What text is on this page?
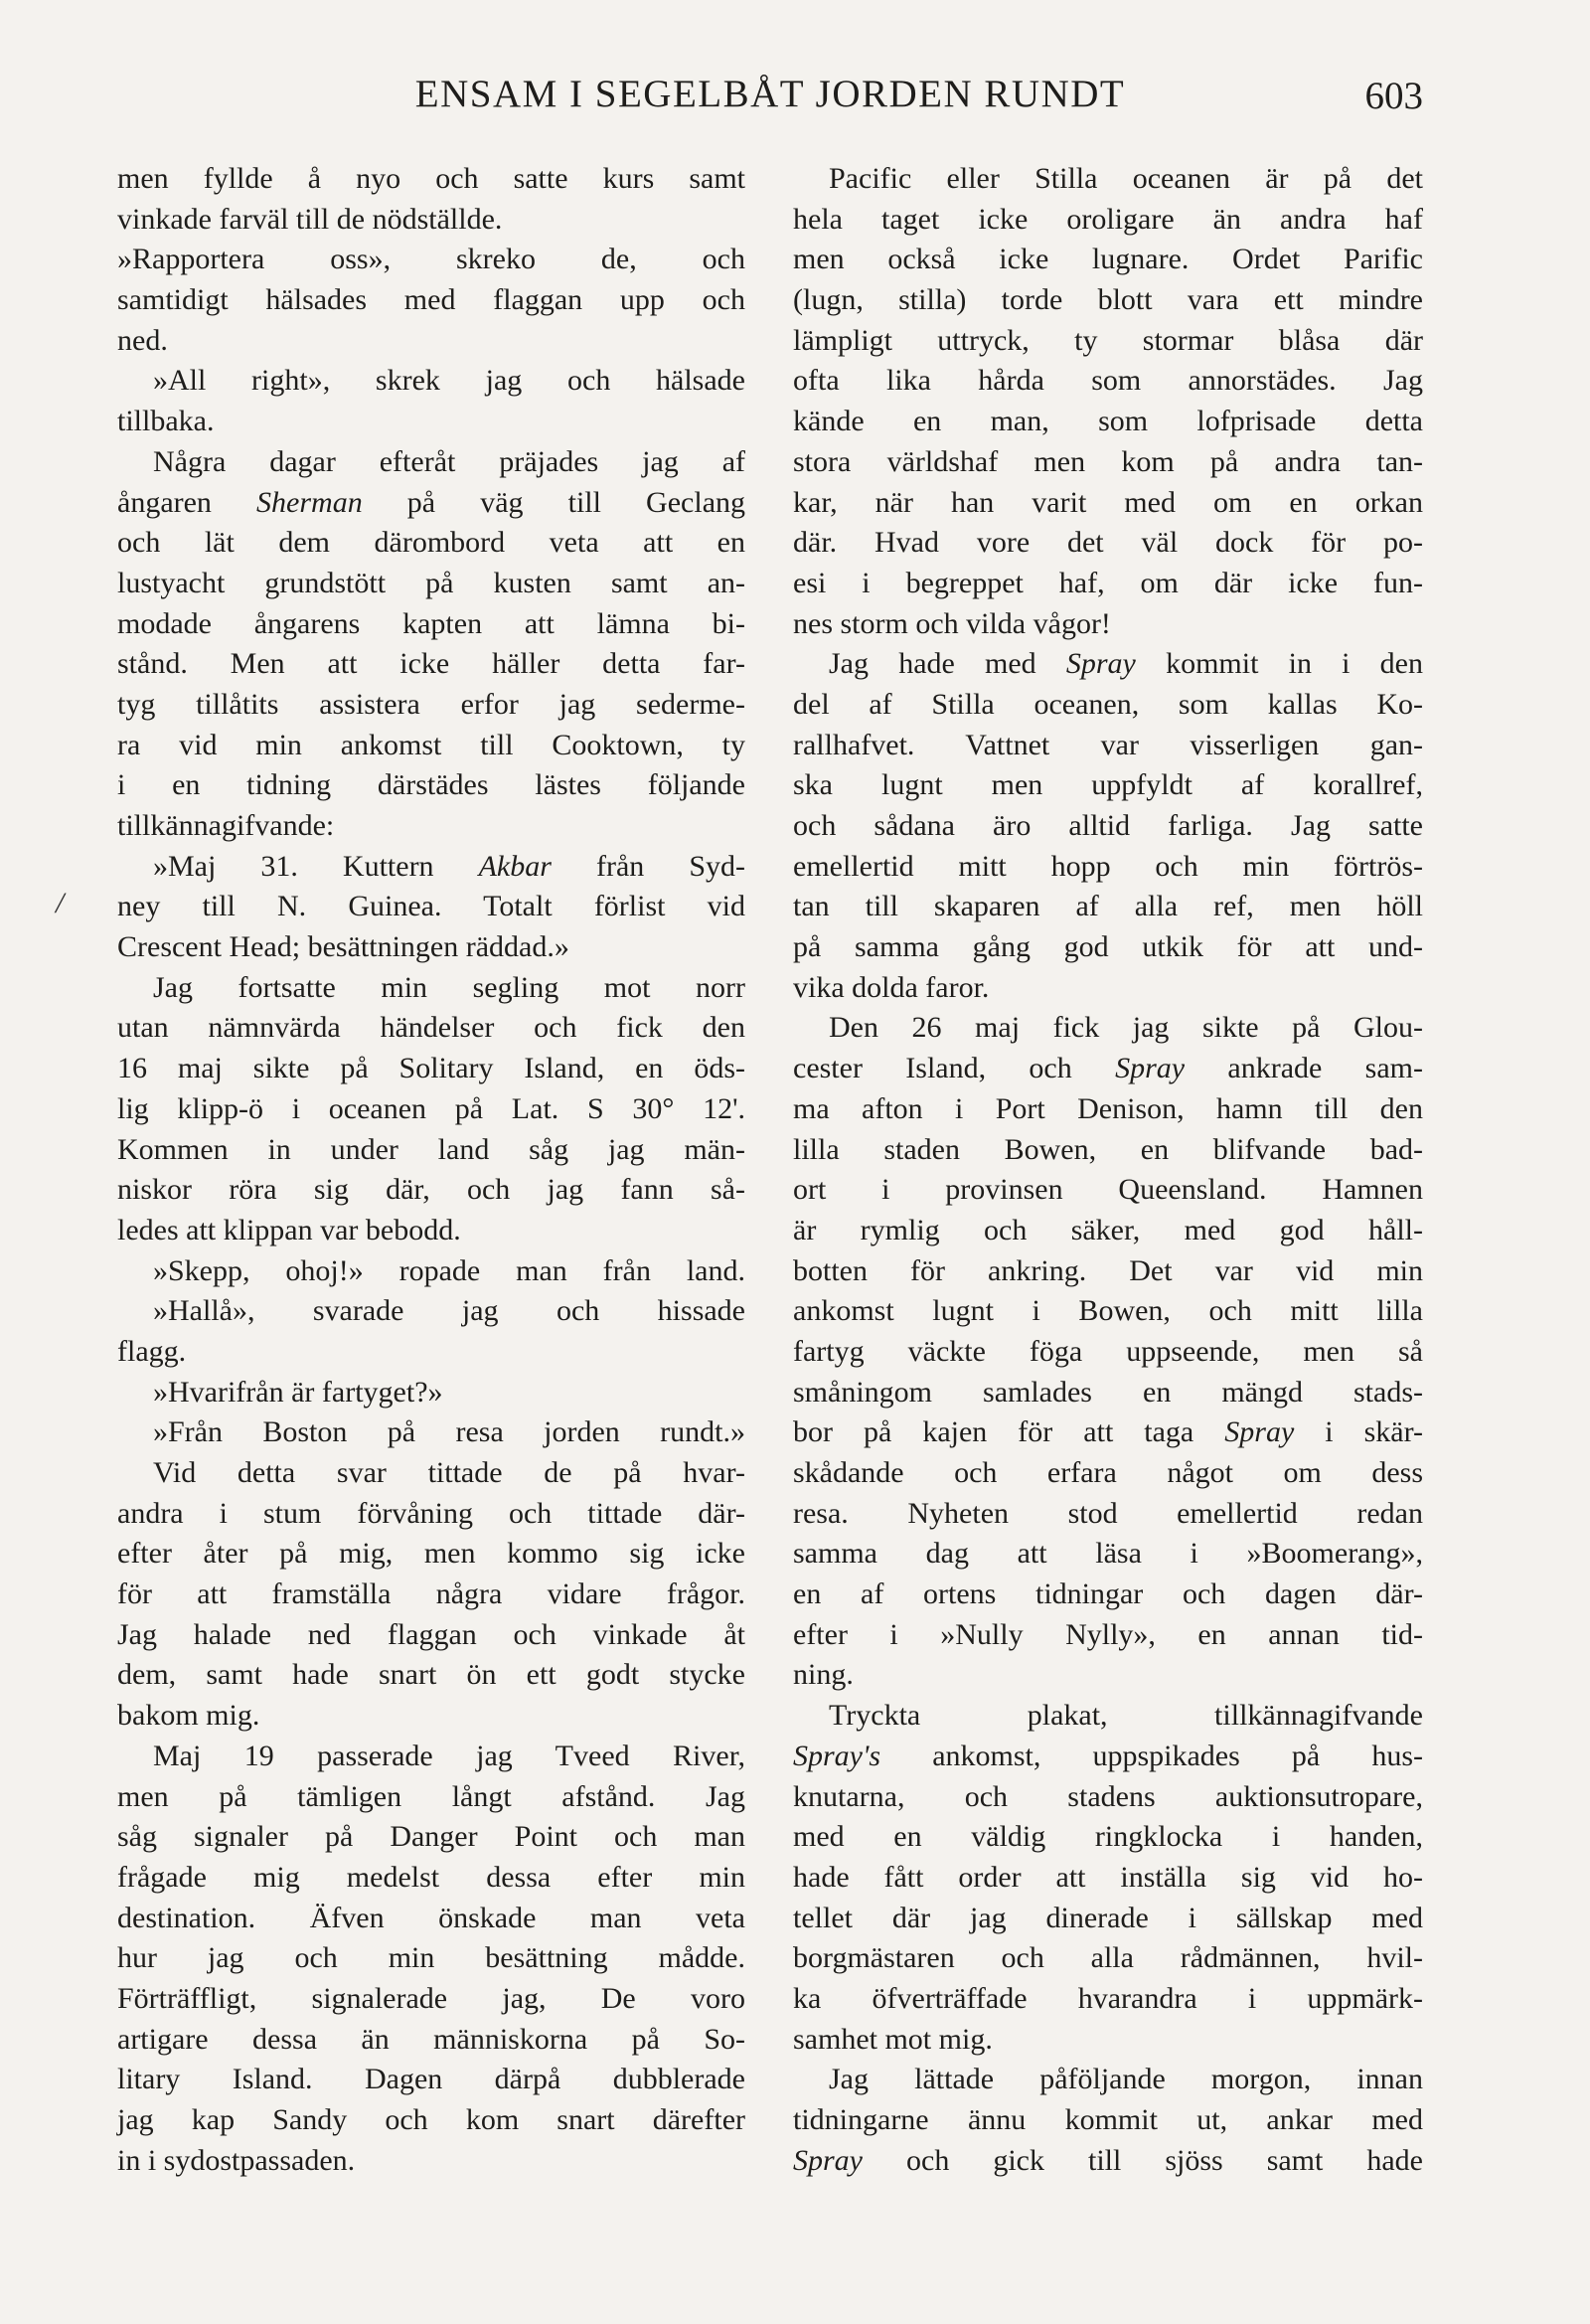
ENSAM I SEGELBÅT JORDEN RUNDT	603
/
men fyllde å nyo och satte kurs samt
vinkade farväl till de nödställde.
»Rapportera oss», skreko de, och
samtidigt hälsades med flaggan upp och
ned.
»All right», skrek jag och hälsade
tillbaka.
Några dagar efteråt präjades jag af
ångaren Sherman på väg till Geclang
och lät dem därombord veta att en
lustyacht grundstött på kusten samt an-
modade ångarens kapten att lämna bi-
stånd. Men att icke häller detta far-
tyg tillåtits assistera erfor jag sederme-
ra vid min ankomst till Cooktown, ty
i en tidning därstädes lästes följande
tillkännagifvande:
»Maj 31. Kuttern Akbar från Syd-
ney till N. Guinea. Totalt förlist vid
Crescent Head; besättningen räddad.»
Jag fortsatte min segling mot norr
utan nämnvärda händelser och fick den
16 maj sikte på Solitary Island, en öds-
lig klipp-ö i oceanen på Lat. S 30° 12'.
Kommen in under land såg jag män-
niskor röra sig där, och jag fann så-
ledes att klippan var bebodd.
»Skepp, ohoj!» ropade man från land.
»Hallå», svarade jag och hissade
flagg.
»Hvarifrån är fartyget?»
»Från Boston på resa jorden rundt.»
Vid detta svar tittade de på hvar-
andra i stum förvåning och tittade där-
efter åter på mig, men kommo sig icke
för att framställa några vidare frågor.
Jag halade ned flaggan och vinkade åt
dem, samt hade snart ön ett godt stycke
bakom mig.
Maj 19 passerade jag Tveed River,
men på tämligen långt afstånd. Jag
såg signaler på Danger Point och man
frågade mig medelst dessa efter min
destination. Äfven önskade man veta
hur jag och min besättning mådde.
Förträffligt, signalerade jag, De voro
artigare dessa än människorna på So-
litary Island. Dagen därpå dubblerade
jag kap Sandy och kom snart därefter
in i sydostpassaden.
Pacific eller Stilla oceanen är på det
hela taget icke oroligare än andra haf
men också icke lugnare. Ordet Parific
(lugn, stilla) torde blott vara ett mindre
lämpligt uttryck, ty stormar blåsa där
ofta lika hårda som annorstädes. Jag
kände en man, som lofprisade detta
stora världshaf men kom på andra tan-
kar, när han varit med om en orkan
där. Hvad vore det väl dock för po-
esi i begreppet haf, om där icke fun-
nes storm och vilda vågor!
Jag hade med Spray kommit in i den
del af Stilla oceanen, som kallas Ko-
rallhafvet. Vattnet var visserligen gan-
ska lugnt men uppfyldt af korallref,
och sådana äro alltid farliga. Jag satte
emellertid mitt hopp och min förtrös-
tan till skaparen af alla ref, men höll
på samma gång god utkik för att und-
vika dolda faror.
Den 26 maj fick jag sikte på Glou-
cester Island, och Spray ankrade sam-
ma afton i Port Denison, hamn till den
lilla staden Bowen, en blifvande bad-
ort i provinsen Queensland. Hamnen
är rymlig och säker, med god håll-
botten för ankring. Det var vid min
ankomst lugnt i Bowen, och mitt lilla
fartyg väckte föga uppseende, men så
småningom samlades en mängd stads-
bor på kajen för att taga Spray i skär-
skådande och erfara något om dess
resa. Nyheten stod emellertid redan
samma dag att läsa i »Boomerang»,
en af ortens tidningar och dagen där-
efter i »Nully Nylly», en annan tid-
ning.
Tryckta plakat, tillkännagifvande
Spray's ankomst, uppspikades på hus-
knutarna, och stadens auktionsutropare,
med en väldig ringklocka i handen,
hade fått order att inställa sig vid ho-
tellet där jag dinerade i sällskap med
borgmästaren och alla rådmännen, hvil-
ka öfverträffade hvarandra i uppmärk-
samhet mot mig.
Jag lättade påföljande morgon, innan
tidningarne ännu kommit ut, ankar med
Spray och gick till sjöss samt hade
